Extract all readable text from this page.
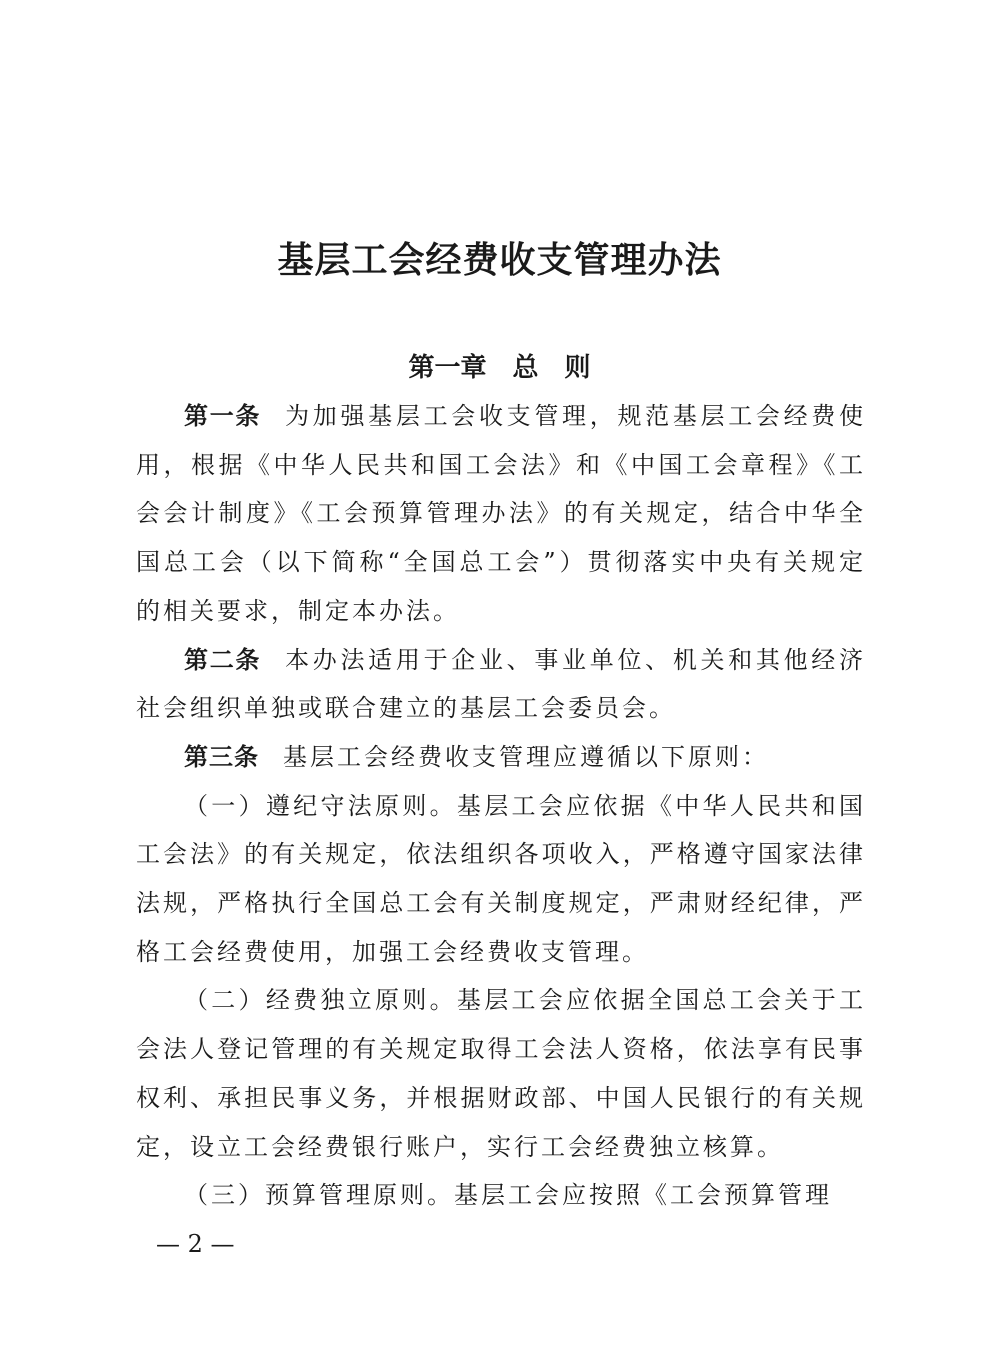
基层工会经费收支管理办法
第一章　总　则

第一条 为加强基层工会收支管理，规范基层工会经费使用，根据《中华人民共和国工会法》和《中国工会章程》《工会会计制度》《工会预算管理办法》的有关规定，结合中华全国总工会（以下简称“全国总工会”）贯彻落实中央有关规定的相关要求，制定本办法。

第二条 本办法适用于企业、事业单位、机关和其他经济社会组织单独或联合建立的基层工会委员会。

第三条 基层工会经费收支管理应遵循以下原则：

（一）遵纪守法原则。基层工会应依据《中华人民共和国工会法》的有关规定，依法组织各项收入，严格遵守国家法律法规，严格执行全国总工会有关制度规定，严肃财经纪律，严格工会经费使用，加强工会经费收支管理。

（二）经费独立原则。基层工会应依据全国总工会关于工会法人登记管理的有关规定取得工会法人资格，依法享有民事权利、承担民事义务，并根据财政部、中国人民银行的有关规定，设立工会经费银行账户，实行工会经费独立核算。

（三）预算管理原则。基层工会应按照《工会预算管理

— 2 —
